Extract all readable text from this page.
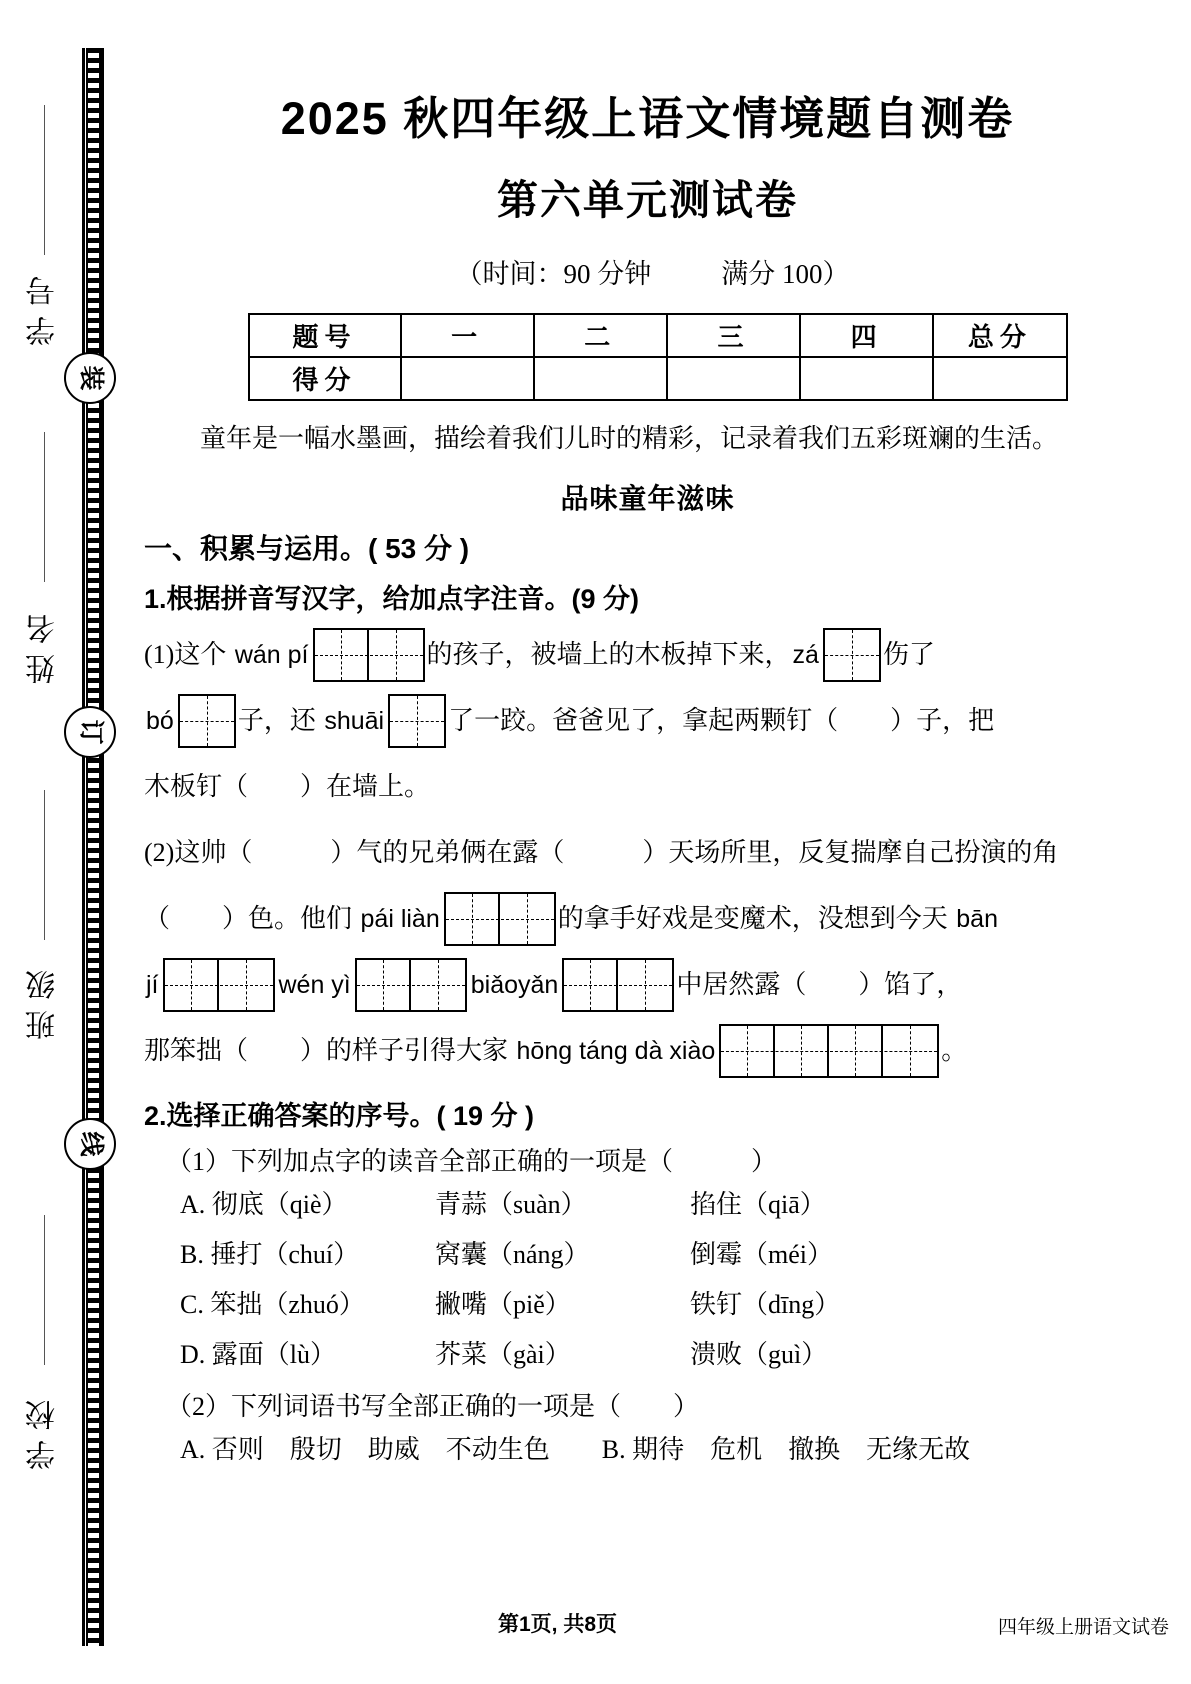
装
订
线
学号
姓名
班级
学校
2025 秋四年级上语文情境题自测卷
第六单元测试卷
（时间：90 分钟	满分 100）
题号	一	二	三	四	总分
得分					
童年是一幅水墨画，描绘着我们儿时的精彩，记录着我们五彩斑斓的生活。
品味童年滋味
一、积累与运用。( 53 分 )
1.根据拼音写汉字，给加点字注音。(9 分)
(1)这个 wán pí	的孩子，被墙上的木板掉下来， zá 伤了
bó 子，还 shuāi 了一跤。爸爸见了，拿起两颗钉（　　）子，把
木板钉（　　）在墙上。
(2)这帅（　　　）气的兄弟俩在露（　　　）天场所里，反复揣摩自己扮演的角
（　　）色。他们 pái liàn	的拿手好戏是变魔术，没想到今天 bān
jí	wén yì	biǎoyǎn	中居然露（　　）馅了，
那笨拙（　　）的样子引得大家 hōng táng dà xiào	。
2.选择正确答案的序号。( 19 分 )
（1）下列加点字的读音全部正确的一项是（　　　）
A. 彻底（qiè）	青蒜（suàn）	掐住（qiā）
B. 捶打（chuí）	窝囊（náng）	倒霉（méi）
C. 笨拙（zhuó）	撇嘴（piě）	铁钉（dīng）
D. 露面（lù）	芥菜（gài）	溃败（guì）
（2）下列词语书写全部正确的一项是（　　）
A. 否则　殷切　助威　不动生色　　B. 期待　危机　撤换　无缘无故
第1页, 共8页	四年级上册语文试卷
